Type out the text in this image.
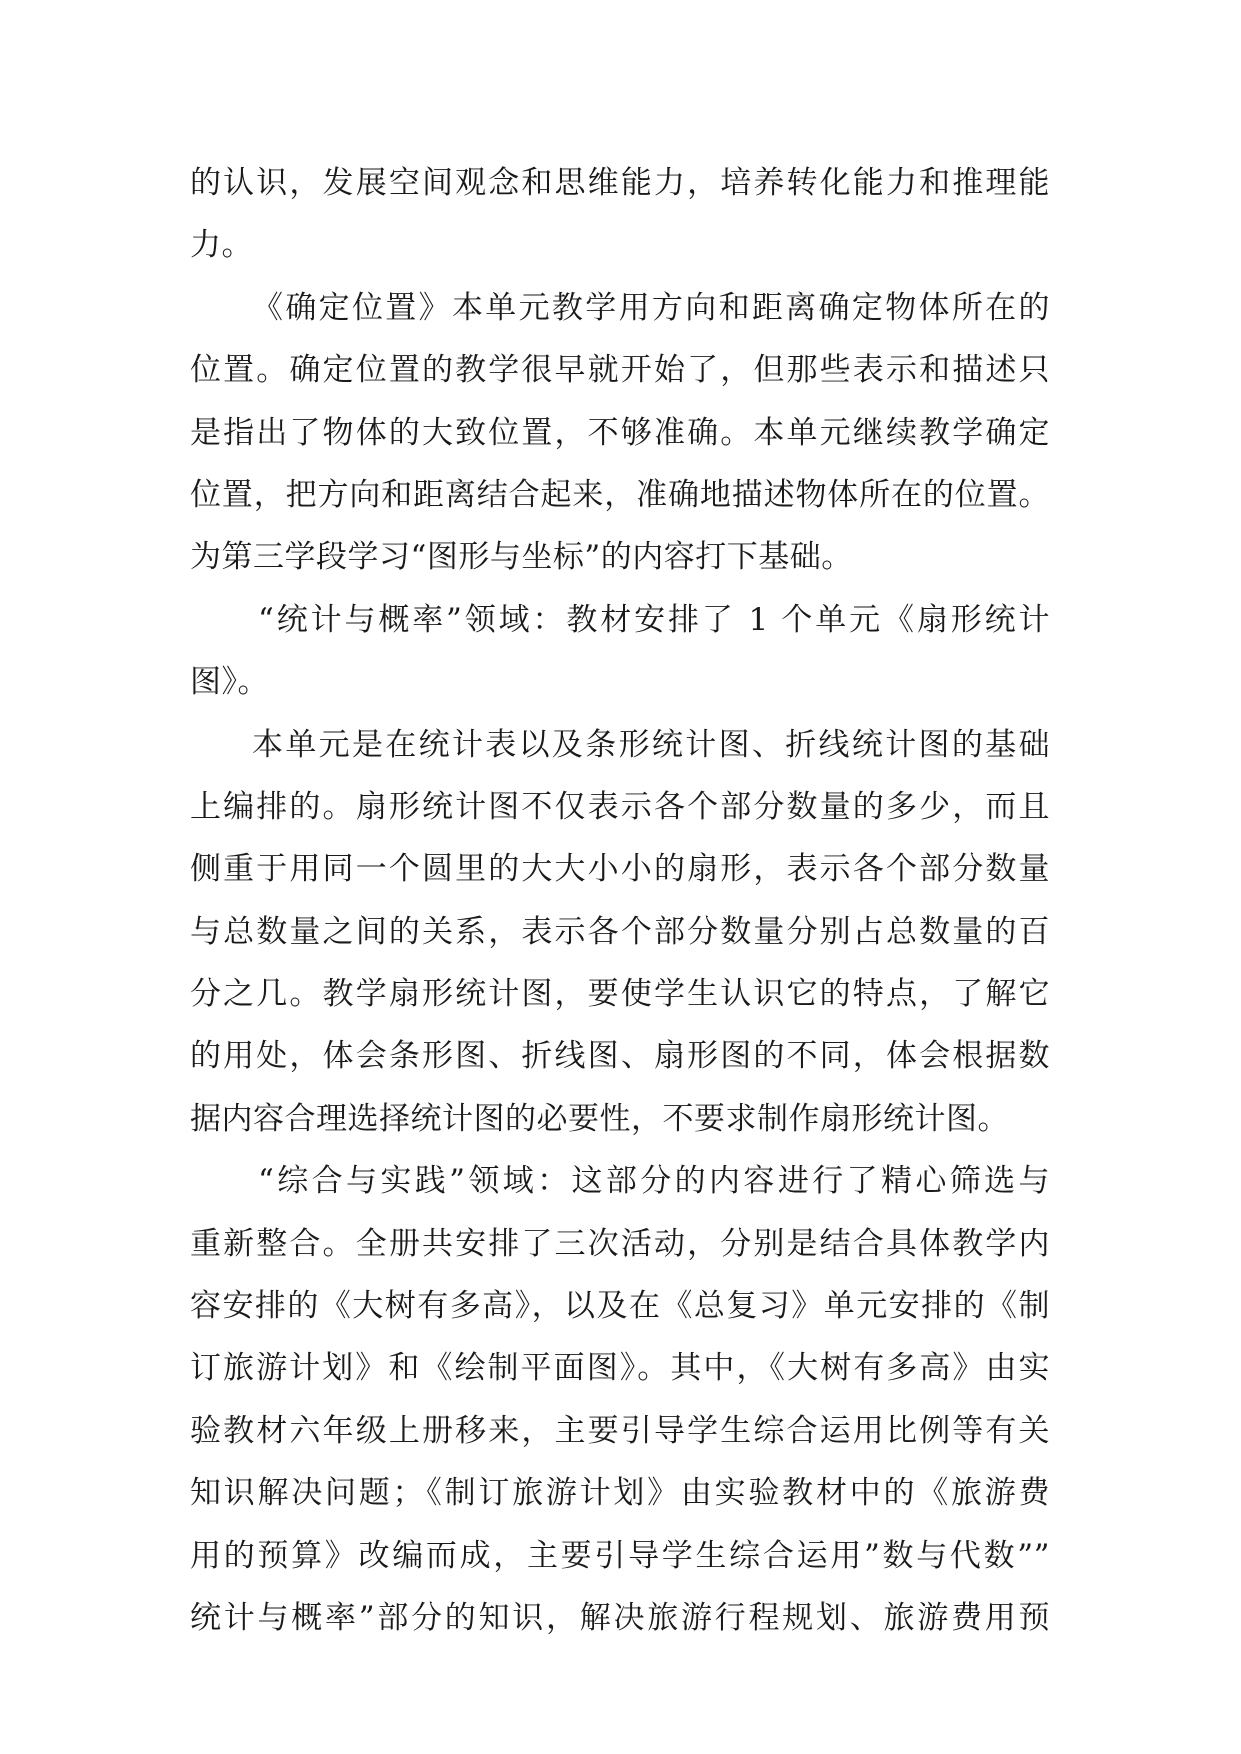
的认识，发展空间观念和思维能力，培养转化能力和推理能
力。
《确定位置》本单元教学用方向和距离确定物体所在的
位置。确定位置的教学很早就开始了，但那些表示和描述只
是指出了物体的大致位置，不够准确。本单元继续教学确定
位置，把方向和距离结合起来，准确地描述物体所在的位置。
为第三学段学习“图形与坐标”的内容打下基础。
“统计与概率”领域：教材安排了 1 个单元《扇形统计
图》。
本单元是在统计表以及条形统计图、折线统计图的基础
上编排的。扇形统计图不仅表示各个部分数量的多少，而且
侧重于用同一个圆里的大大小小的扇形，表示各个部分数量
与总数量之间的关系，表示各个部分数量分别占总数量的百
分之几。教学扇形统计图，要使学生认识它的特点，了解它
的用处，体会条形图、折线图、扇形图的不同，体会根据数
据内容合理选择统计图的必要性，不要求制作扇形统计图。
“综合与实践”领域：这部分的内容进行了精心筛选与
重新整合。全册共安排了三次活动，分别是结合具体教学内
容安排的《大树有多高》，以及在《总复习》单元安排的《制
订旅游计划》和《绘制平面图》。其中，《大树有多高》由实
验教材六年级上册移来，主要引导学生综合运用比例等有关
知识解决问题；《制订旅游计划》由实验教材中的《旅游费
用的预算》改编而成，主要引导学生综合运用”数与代数””
统计与概率”部分的知识，解决旅游行程规划、旅游费用预
